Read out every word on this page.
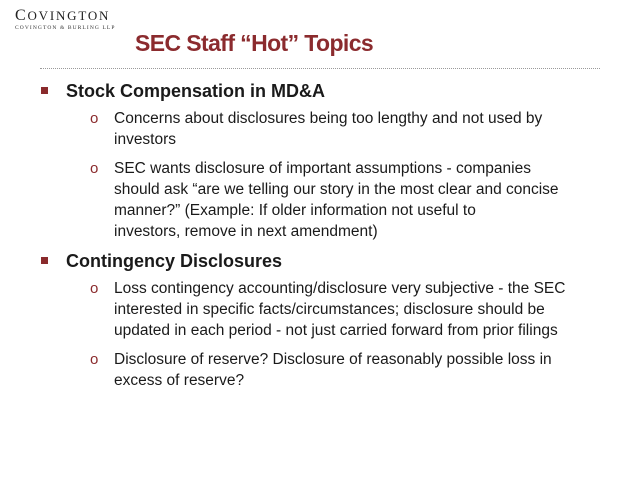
COVINGTON
COVINGTON & BURLING LLP
SEC Staff “Hot” Topics
Stock Compensation in MD&A
o Concerns about disclosures being too lengthy and not used by
investors
o SEC wants disclosure of important assumptions - companies
should ask “are we telling our story in the most clear and concise
manner?” (Example: If older information not useful to
investors, remove in next amendment)
Contingency Disclosures
o Loss contingency accounting/disclosure very subjective - the SEC
interested in specific facts/circumstances; disclosure should be
updated in each period - not just carried forward from prior filings
o Disclosure of reserve? Disclosure of reasonably possible loss in
excess of reserve?
